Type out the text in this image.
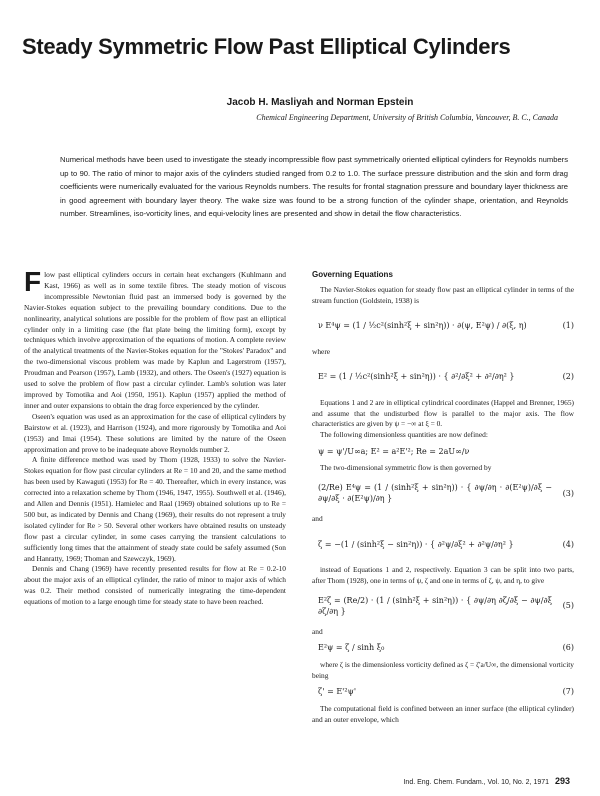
Steady Symmetric Flow Past Elliptical Cylinders
Jacob H. Masliyah and Norman Epstein
Chemical Engineering Department, University of British Columbia, Vancouver, B. C., Canada

Numerical methods have been used to investigate the steady incompressible flow past symmetrically oriented elliptical cylinders for Reynolds numbers up to 90. The ratio of minor to major axis of the cylinders studied ranged from 0.2 to 1.0. The surface pressure distribution and the skin and form drag coefficients were numerically evaluated for the various Reynolds numbers. The results for frontal stagnation pressure and boundary layer thickness are in good agreement with boundary layer theory. The wake size was found to be a strong function of the cylinder shape, orientation, and Reynolds number. Streamlines, iso-vorticity lines, and equi-velocity lines are presented and show in detail the flow characteristics.

Flow past elliptical cylinders occurs in certain heat exchangers (Kuhlmann and Kast, 1966) as well as in some textile fibres. The steady motion of viscous incompressible Newtonian fluid past an immersed body is governed by the Navier-Stokes equation subject to the prevailing boundary conditions. Due to the nonlinearity, analytical solutions are possible for the problem of flow past an elliptical cylinder only in a limiting case (the flat plate being the limiting form), except by techniques which involve approximation of the equations of motion. A complete review of the analytical treatments of the Navier-Stokes equation for the "Stokes' Paradox" and the two-dimensional viscous problem was made by Kaplun and Lagerstrom (1957), Proudman and Pearson (1957), Lamb (1932), and others. The Oseen's (1927) equation is used to solve the problem of flow past a circular cylinder. Lamb's solution was later improved by Tomotika and Aoi (1950, 1951). Kaplun (1957) applied the method of inner and outer expansions to obtain the drag force experienced by the cylinder.

Oseen's equation was used as an approximation for the case of elliptical cylinders by Bairstow et al. (1923), and Harrison (1924), and more rigorously by Tomotika and Aoi (1953) and Imai (1954). These solutions are limited by the nature of the Oseen approximation and prove to be inadequate above Reynolds number 2.

A finite difference method was used by Thom (1928, 1933) to solve the Navier-Stokes equation for flow past circular cylinders at Re = 10 and 20, and the same method has been used by Kawaguti (1953) for Re = 40. Thereafter, which in every instance, was corrected into a relaxation scheme by Thom (1946, 1947, 1955). Southwell et al. (1946), and Allen and Dennis (1951). Hamielec and Raal (1969) obtained solutions up to Re = 500 but, as indicated by Dennis and Chang (1969), their results do not represent a truly isolated cylinder for Re > 50. Several other workers have obtained results on unsteady flow past a circular cylinder, in some cases carrying the transient calculations to sufficiently long times that the attainment of steady state could be safely assumed (Son and Hanratty, 1969; Thoman and Szewczyk, 1969).

Dennis and Chang (1969) have recently presented results for flow at Re = 0.2-10 about the major axis of an elliptical cylinder, the ratio of minor to major axis of which was 0.2. Their method consisted of numerically integrating the time-dependent equations of motion to a large enough time for steady state to have been reached.

Governing Equations

The Navier-Stokes equation for steady flow past an elliptical cylinder in terms of the stream function (Goldstein, 1938) is

ν E⁴ψ = (1 / ½c²(sinh²ξ + sin²η)) · ∂(ψ, E²ψ) / ∂(ξ, η)	(1)

where

E² = (1 / ½c²(sinh²ξ + sin²η)) · { ∂²/∂ξ² + ∂²/∂η² }	(2)

Equations 1 and 2 are in elliptical cylindrical coordinates (Happel and Brenner, 1965) and assume that the undisturbed flow is parallel to the major axis. The flow characteristics are given by ψ = −∞ at ξ = 0.

The following dimensionless quantities are now defined:

ψ = ψ'/U∞a; E² = a²E'²; Re = 2aU∞/ν

The two-dimensional symmetric flow is then governed by

(2/Re) E⁴ψ = (1 / (sinh²ξ + sin²η)) · { ∂ψ/∂η · ∂(E²ψ)/∂ξ − ∂ψ/∂ξ · ∂(E²ψ)/∂η }
(3)

and

ζ = −(1 / (sinh²ξ − sin²η)) · { ∂²ψ/∂ξ² + ∂²ψ/∂η² }	(4)

instead of Equations 1 and 2, respectively. Equation 3 can be split into two parts, after Thom (1928), one in terms of ψ, ζ and one in terms of ζ, ψ, and η, to give

E²ζ = (Re/2) · (1 / (sinh²ξ + sin²η)) · { ∂ψ/∂η ∂ζ/∂ξ − ∂ψ/∂ξ ∂ζ/∂η }
(5)

and

E²ψ = ζ / sinh ξ₀	(6)

where ζ is the dimensionless vorticity defined as ζ = ζ'a/U∞, the dimensional vorticity being

ζ' = E'²ψ'	(7)

The computational field is confined between an inner surface (the elliptical cylinder) and an outer envelope, which

Ind. Eng. Chem. Fundam., Vol. 10, No. 2, 1971 293
